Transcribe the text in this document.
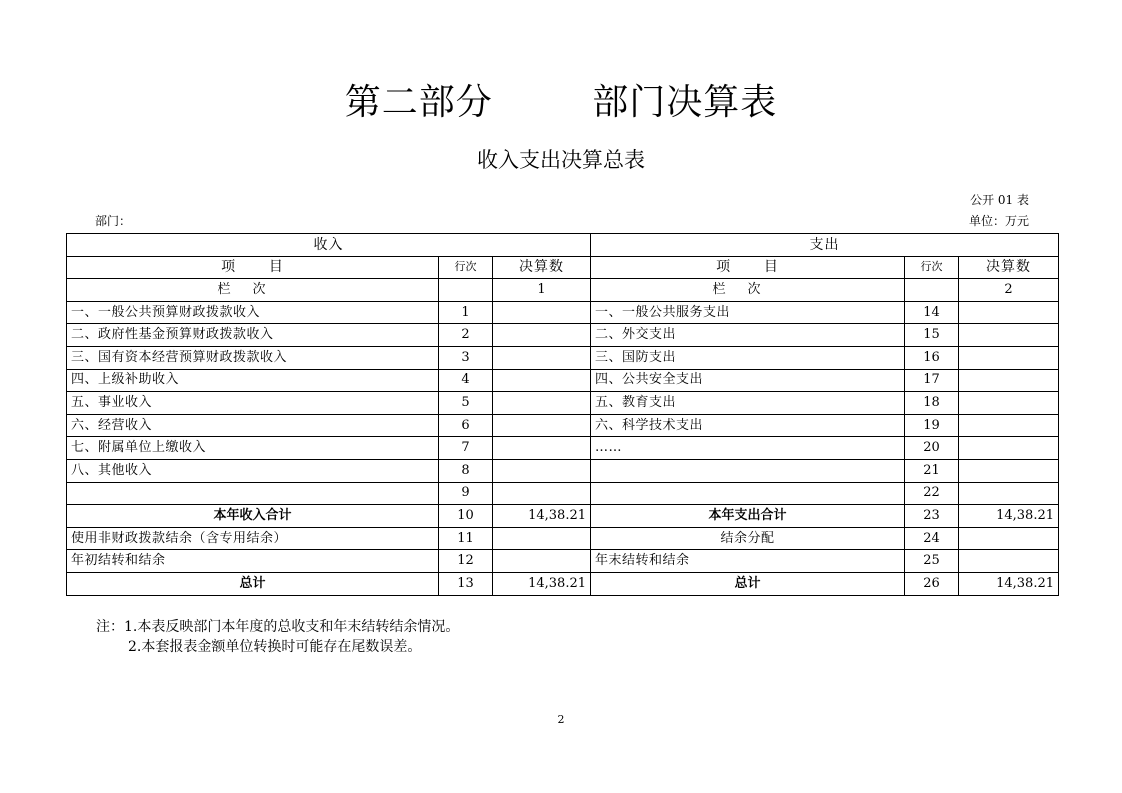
第二部分        部门决算表
收入支出决算总表
公开 01 表
部门：	单位：万元
收入			支出		
项      目	行次	决算数	项      目	行次	决算数
栏次		1	栏次		2
一、一般公共预算财政拨款收入	1		一、一般公共服务支出	14	
二、政府性基金预算财政拨款收入	2		二、外交支出	15	
三、国有资本经营预算财政拨款收入	3		三、国防支出	16	
四、上级补助收入	4		四、公共安全支出	17	
五、事业收入	5		五、教育支出	18	
六、经营收入	6		六、科学技术支出	19	
七、附属单位上缴收入	7		……	20	
八、其他收入	8			21	
	9			22	
本年收入合计	10	14,38.21	本年支出合计	23	14,38.21
使用非财政拨款结余（含专用结余）	11		结余分配	24	
年初结转和结余	12		年末结转和结余	25	
总计	13	14,38.21	总计	26	14,38.21
注：1.本表反映部门本年度的总收支和年末结转结余情况。
2.本套报表金额单位转换时可能存在尾数误差。
2
